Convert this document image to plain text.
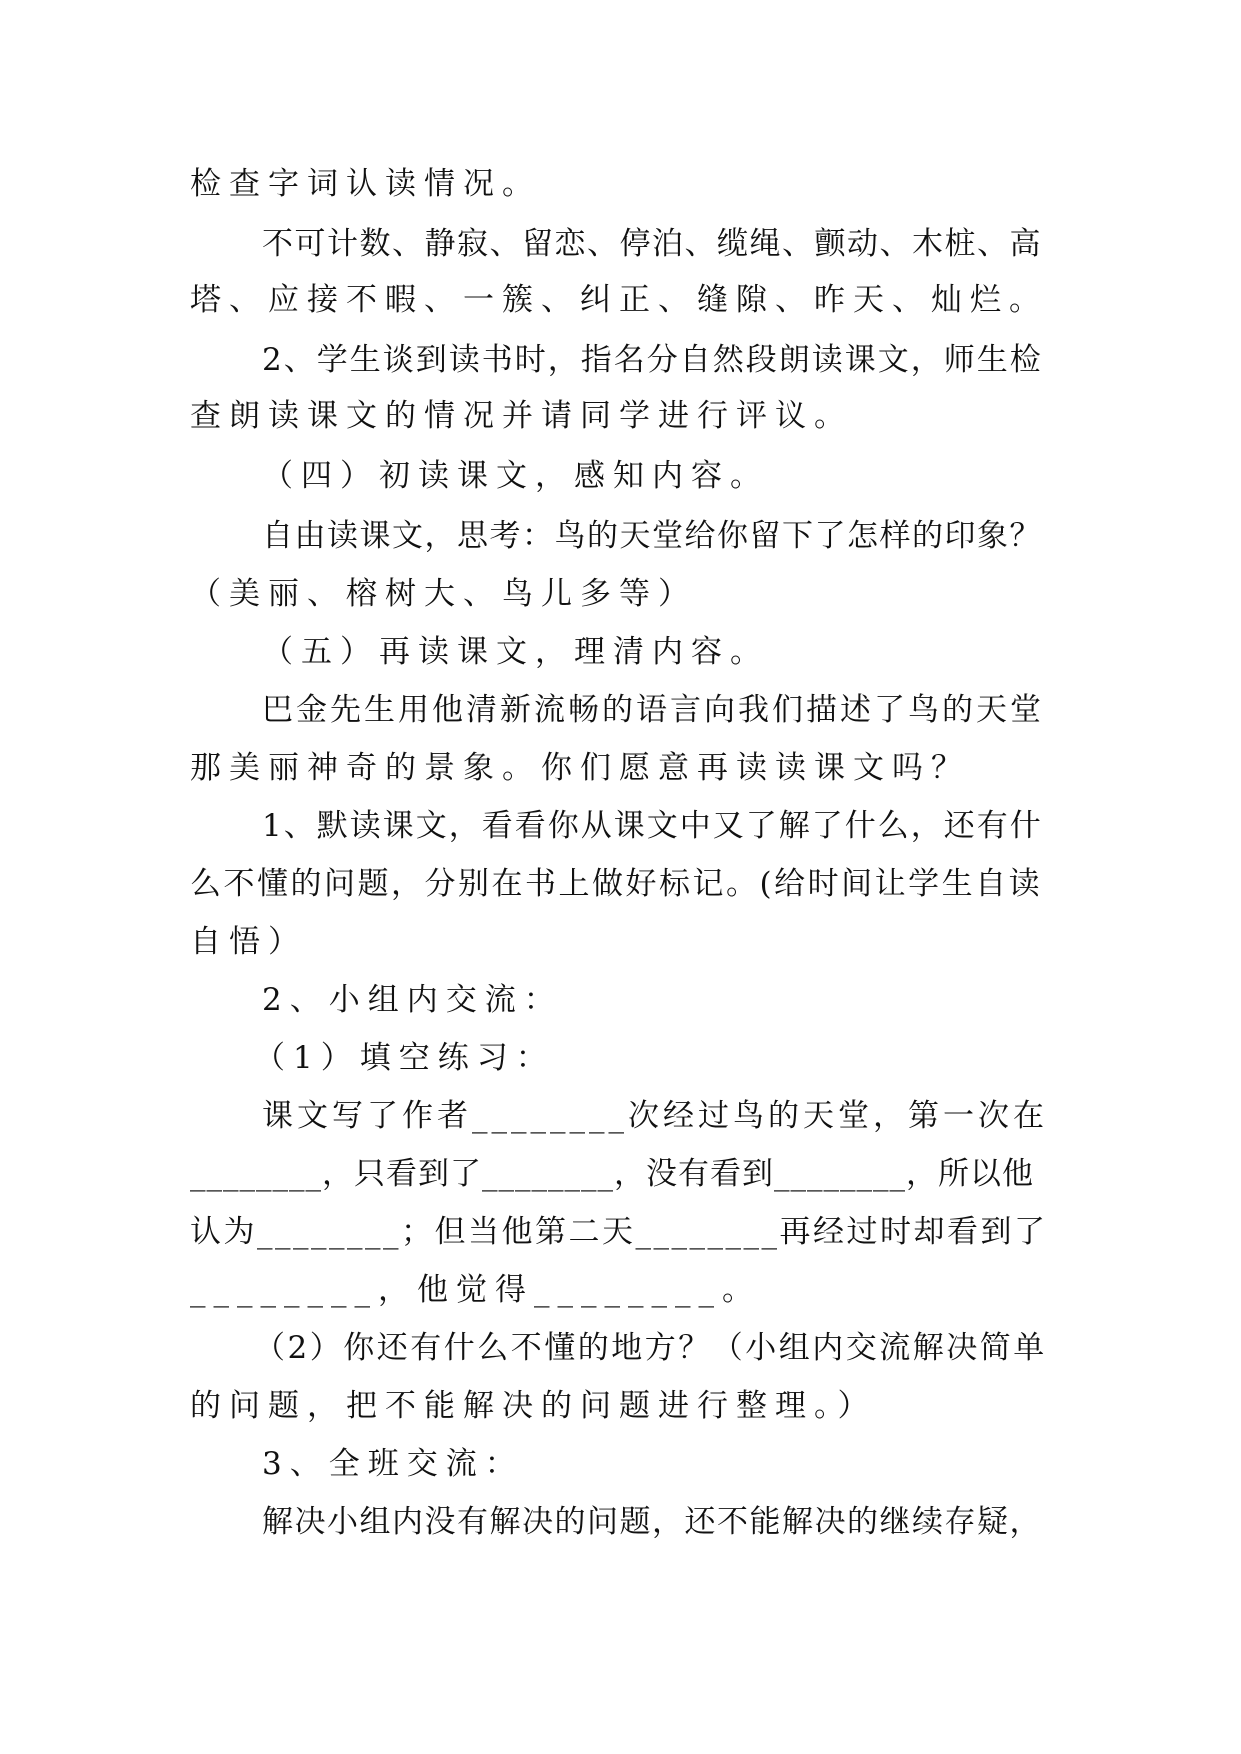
检查字词认读情况。
不可计数、静寂、留恋、停泊、缆绳、颤动、木桩、高
塔、应接不暇、一簇、纠正、缝隙、昨天、灿烂。
2、学生谈到读书时，指名分自然段朗读课文，师生检
查朗读课文的情况并请同学进行评议。
（四）初读课文，感知内容。
自由读课文，思考：鸟的天堂给你留下了怎样的印象？
（美丽、榕树大、鸟儿多等）
（五）再读课文，理清内容。
巴金先生用他清新流畅的语言向我们描述了鸟的天堂
那美丽神奇的景象。你们愿意再读读课文吗？
1、默读课文，看看你从课文中又了解了什么，还有什
么不懂的问题，分别在书上做好标记。(给时间让学生自读
自悟）
2、小组内交流：
（1）填空练习：
课文写了作者________次经过鸟的天堂，第一次在
________，只看到了________，没有看到________，所以他
认为________；但当他第二天________再经过时却看到了
________，他觉得________。
（2）你还有什么不懂的地方？（小组内交流解决简单
的问题，把不能解决的问题进行整理。）
3、全班交流：
解决小组内没有解决的问题，还不能解决的继续存疑，
